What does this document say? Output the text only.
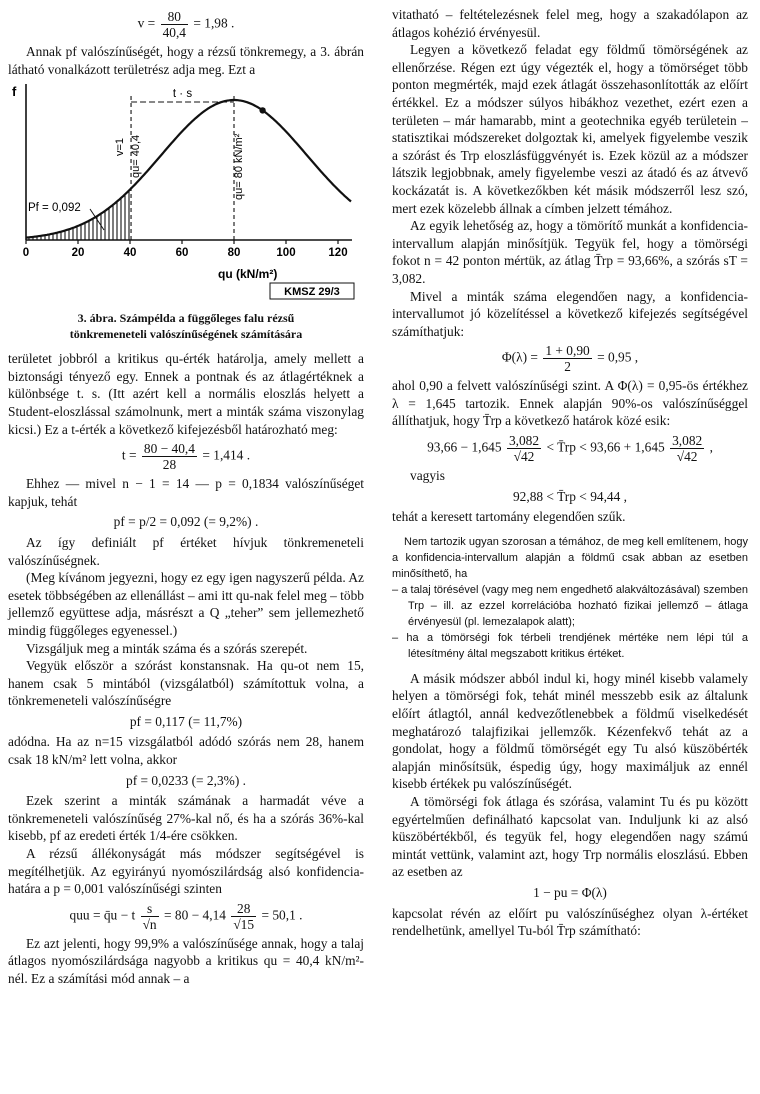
$v = \frac{80}{40,4} = 1,98$ .

Annak pf valószínűségét, hogy a rézsű tönkremegy, a 3. ábrán látható vonalkázott területrész adja meg. Ezt a

f
0	20	40	60	80	100	120
Pf = 0,092
t · s
v=1 qu= 40,4	qu= 80 kN/m²
qu (kN/m²)
KMSZ 29/3
3. ábra. Számpélda a függőleges falu rézsű
tönkremeneteli valószínűségének számítására

területet jobbról a kritikus qu-érték határolja, amely mellett a biztonsági tényező egy. Ennek a pontnak és az átlagértéknek a különbsége t. s. (Itt azért kell a normális eloszlás helyett a Student-eloszlással számolnunk, mert a minták száma viszonylag kicsi.) Ez a t-érték a következő kifejezésből határozható meg:

$t = \frac{80 - 40,4}{28} = 1,414$ .

Ehhez — mivel n − 1 = 14 — p = 0,1834 valószínűséget kapjuk, tehát

pf = p/2 = 0,092 (= 9,2%) .

Az így definiált pf értéket hívjuk tönkremeneteli valószínűségnek.

(Meg kívánom jegyezni, hogy ez egy igen nagyszerű példa. Az esetek többségében az ellenállást – ami itt qu-nak felel meg – több jellemző együttese adja, másrészt a Q „teher” sem jellemezhető mindig függőleges egyenessel.)

Vizsgáljuk meg a minták száma és a szórás szerepét.

Vegyük először a szórást konstansnak. Ha qu-ot nem 15, hanem csak 5 mintából (vizsgálatból) számítottuk volna, a tönkremeneteli valószínűségre

pf = 0,117 (= 11,7%)

adódna. Ha az n=15 vizsgálatból adódó szórás nem 28, hanem csak 18 kN/m² lett volna, akkor

pf = 0,0233 (= 2,3%) .

Ezek szerint a minták számának a harmadát véve a tönkremeneteli valószínűség 27%-kal nő, és ha a szórás 36%-kal kisebb, pf az eredeti érték 1/4-ére csökken.

A rézsű állékonyságát más módszer segítségével is megítélhetjük. Az egyirányú nyomószilárdság alsó konfidencia-határa a p = 0,001 valószínűségi szinten

quu = q̄u − t $\frac{s}{√n} = 80 - 4,14 \frac{28}{√15} = 50,1$ .

Ez azt jelenti, hogy 99,9% a valószínűsége annak, hogy a talaj átlagos nyomószilárdsága nagyobb a kritikus qu = 40,4 kN/m²-nél. Ez a számítási mód annak – a

vitatható – feltételezésnek felel meg, hogy a szakadólapon az átlagos kohézió érvényesül.

Legyen a következő feladat egy földmű tömörségének az ellenőrzése. Régen ezt úgy végezték el, hogy a tömörséget több ponton megmérték, majd ezek átlagát összehasonlították az előírt értékkel. Ez a módszer súlyos hibákhoz vezethet, ezért ezen a területen – már hamarabb, mint a geotechnika egyéb területein – statisztikai módszereket dolgoztak ki, amelyek figyelembe veszik a szórást és Trp eloszlásfüggvényét is. Ezek közül az a módszer látszik legjobbnak, amely figyelembe veszi az átadó és az átvevő kockázatát is. A következőkben két másik módszerről lesz szó, mert ezek közelebb állnak a címben jelzett témához.

Az egyik lehetőség az, hogy a tömörítő munkát a konfidencia-intervallum alapján minősítjük. Tegyük fel, hogy a tömörségi fokot n = 42 ponton mértük, az átlag T̄rp = 93,66%, a szórás sT = 3,082.

Mivel a minták száma elegendően nagy, a konfidencia-intervallumot jó közelítéssel a következő kifejezés segítségével számíthatjuk:

$\Phi(\lambda) = \frac{1 + 0,90}{2} = 0,95$ ,

ahol 0,90 a felvett valószínűségi szint. A Φ(λ) = 0,95-ös értékhez λ = 1,645 tartozik. Ennek alapján 90%-os valószínűséggel állíthatjuk, hogy T̄rp a következő határok közé esik:

$93,66 - 1,645 \frac{3,082}{√42}$ < T̄rp < $93,66 + 1,645 \frac{3,082}{√42}$ ,

vagyis

92,88 < T̄rp < 94,44 ,

tehát a keresett tartomány elegendően szűk.

Nem tartozik ugyan szorosan a témához, de meg kell említenem, hogy a konfidencia-intervallum alapján a földmű csak abban az esetben minősíthető, ha

– a talaj törésével (vagy meg nem engedhető alakváltozásával) szemben Trp – ill. az ezzel korrelációba hozható fizikai jellemző – átlaga érvényesül (pl. lemezalapok alatt);

– ha a tömörségi fok térbeli trendjének mértéke nem lépi túl a létesítmény által megszabott kritikus értéket.

A másik módszer abból indul ki, hogy minél kisebb valamely helyen a tömörségi fok, tehát minél messzebb esik az általunk előírt átlagtól, annál kedvezőtlenebbek a földmű viselkedését meghatározó talajfizikai jellemzők. Kézenfekvő tehát az a gondolat, hogy a földmű tömörségét egy Tu alsó küszöbérték alapján minősítsük, éspedig úgy, hogy maximáljuk az ennél kisebb értékek pu valószínűségét.

A tömörségi fok átlaga és szórása, valamint Tu és pu között egyértelműen definálható kapcsolat van. Induljunk ki az alsó küszöbértékből, és tegyük fel, hogy elegendően nagy számú mintát vettünk, valamint azt, hogy Trp normális eloszlású. Ebben az esetben az

1 − pu = Φ(λ)

kapcsolat révén az előírt pu valószínűséghez olyan λ-értéket rendelhetünk, amellyel Tu-ból T̄rp számítható:
